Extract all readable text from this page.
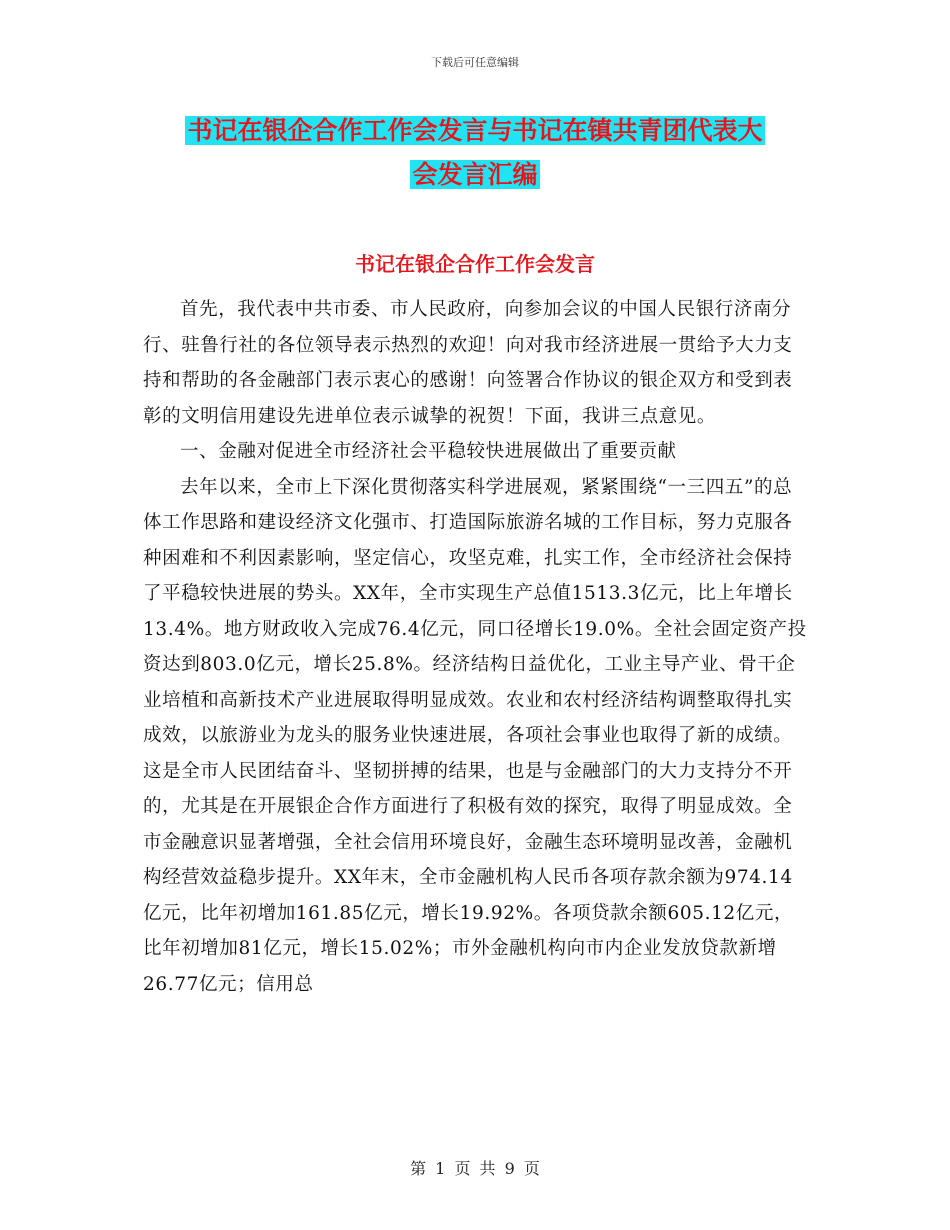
下载后可任意编辑
书记在银企合作工作会发言与书记在镇共青团代表大
会发言汇编
书记在银企合作工作会发言

首先，我代表中共市委、市人民政府，向参加会议的中国人民银行济南分行、驻鲁行社的各位领导表示热烈的欢迎！向对我市经济进展一贯给予大力支持和帮助的各金融部门表示衷心的感谢！向签署合作协议的银企双方和受到表彰的文明信用建设先进单位表示诚挚的祝贺！下面，我讲三点意见。

一、金融对促进全市经济社会平稳较快进展做出了重要贡献

去年以来，全市上下深化贯彻落实科学进展观，紧紧围绕“一三四五”的总体工作思路和建设经济文化强市、打造国际旅游名城的工作目标，努力克服各种困难和不利因素影响，坚定信心，攻坚克难，扎实工作，全市经济社会保持了平稳较快进展的势头。XX年，全市实现生产总值1513.3亿元，比上年增长13.4%。地方财政收入完成76.4亿元，同口径增长19.0%。全社会固定资产投资达到803.0亿元，增长25.8%。经济结构日益优化，工业主导产业、骨干企业培植和高新技术产业进展取得明显成效。农业和农村经济结构调整取得扎实成效，以旅游业为龙头的服务业快速进展，各项社会事业也取得了新的成绩。这是全市人民团结奋斗、坚韧拼搏的结果，也是与金融部门的大力支持分不开的，尤其是在开展银企合作方面进行了积极有效的探究，取得了明显成效。全市金融意识显著增强，全社会信用环境良好，金融生态环境明显改善，金融机构经营效益稳步提升。XX年末，全市金融机构人民币各项存款余额为974.14亿元，比年初增加161.85亿元，增长19.92%。各项贷款余额605.12亿元，比年初增加81亿元，增长15.02%；市外金融机构向市内企业发放贷款新增26.77亿元；信用总

第 1 页 共 9 页
